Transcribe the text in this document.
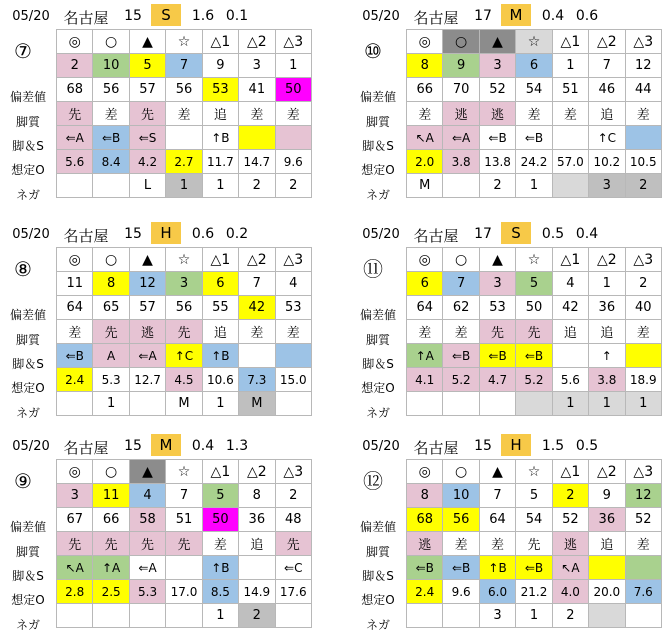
05/20 名古屋 15	S	1.6 0.1
⑦
偏差値
脚質
脚＆S
想定O
ネガ
◎	○	▲	☆	△1	△2	△3
2	10	5	7	9	3	1
68	56	57	56	53	41	50
先	差	先	差	追	差	差
⇐A	⇐B	⇐S		↑B		
5.6	8.4	4.2	2.7	11.7	14.7	9.6
		L	1	1	2	2
05/20 名古屋 17	M	0.4 0.6
⑩
偏差値
脚質
脚＆S
想定O
ネガ
◎	○	▲	☆	△1	△2	△3
8	9	3	6	1	7	12
66	70	52	54	51	46	44
差	逃	逃	差	差	追	差
↖A	⇐A	⇐B	⇐B		↑C	
2.0	3.8	13.8	24.2	57.0	10.2	10.5
M		2	1		3	2
05/20 名古屋 15	H	0.6 0.2
⑧
偏差値
脚質
脚＆S
想定O
ネガ
◎	○	▲	☆	△1	△2	△3
11	8	12	3	6	7	4
64	65	57	56	55	42	53
差	先	逃	先	追	差	差
⇐B	A	⇐A	↑C	↑B		
2.4	5.3	12.7	4.5	10.6	7.3	15.0
	1		M	1	M	
05/20 名古屋 17	S	0.5 0.4
⑪
偏差値
脚質
脚＆S
想定O
ネガ
◎	○	▲	☆	△1	△2	△3
6	7	3	5	4	1	2
64	62	53	50	42	36	40
差	差	先	先	追	追	差
↑A	⇐B	⇐B	⇐B		↑	
4.1	5.2	4.7	5.2	5.6	3.8	18.9
				1	1	1
05/20 名古屋 15	M	0.4 1.3
⑨
偏差値
脚質
脚＆S
想定O
ネガ
◎	○	▲	☆	△1	△2	△3
3	11	4	7	5	8	2
67	66	58	51	50	36	48
先	先	先	先	差	追	先
↖A	↑A	⇐A		↑B		⇐C
2.8	2.5	5.3	17.0	8.5	14.9	17.6
				1	2	
05/20 名古屋 15	H	1.5 0.5
⑫
偏差値
脚質
脚＆S
想定O
ネガ
◎	○	▲	☆	△1	△2	△3
8	10	7	5	2	9	12
68	56	64	54	52	36	52
逃	差	差	先	逃	追	差
⇐B	⇐B	↑B	⇐B	↖A		
2.4	9.6	6.0	21.2	4.0	20.0	7.6
		3	1	2		
